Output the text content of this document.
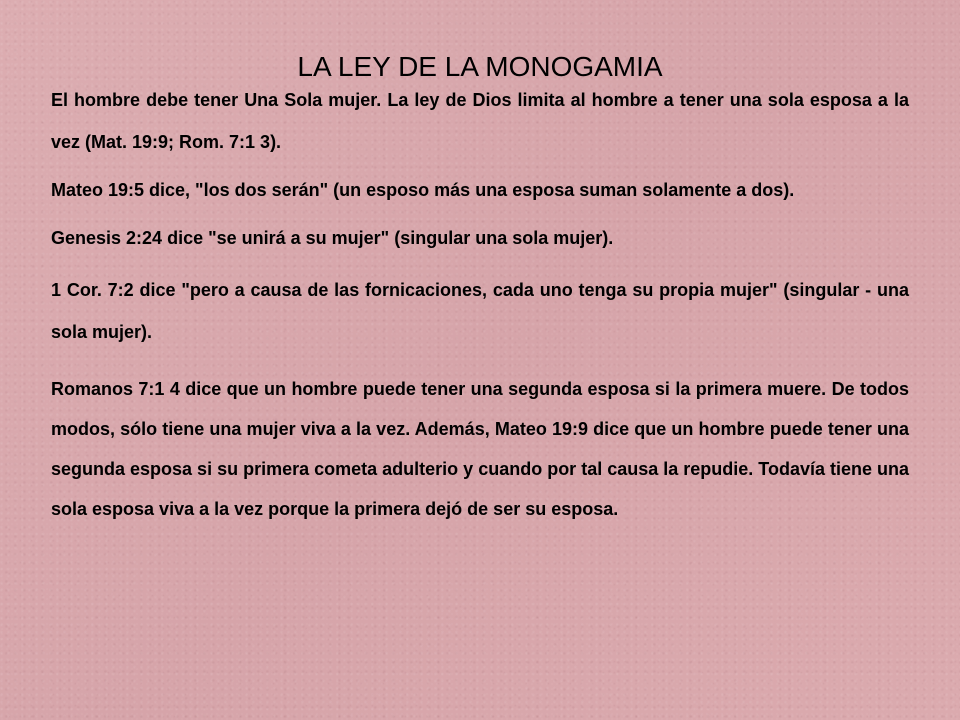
LA LEY DE LA MONOGAMIA

El hombre debe tener Una Sola mujer. La ley de Dios limita al hombre a tener una sola esposa a la vez (Mat. 19:9; Rom. 7:1 3).

Mateo 19:5 dice, "los dos serán" (un esposo más una esposa suman solamente a dos).

Genesis 2:24 dice "se unirá a su mujer" (singular una sola mujer).

1 Cor. 7:2 dice "pero a causa de las fornicaciones, cada uno tenga su propia mujer" (singular - una sola mujer).

Romanos 7:1 4 dice que un hombre puede tener una segunda esposa si la primera muere. De todos modos, sólo tiene una mujer viva a la vez. Además, Mateo 19:9 dice que un hombre puede tener una segunda esposa si su primera cometa adulterio y cuando por tal causa la repudie. Todavía tiene una sola esposa viva a la vez porque la primera dejó de ser su esposa.
